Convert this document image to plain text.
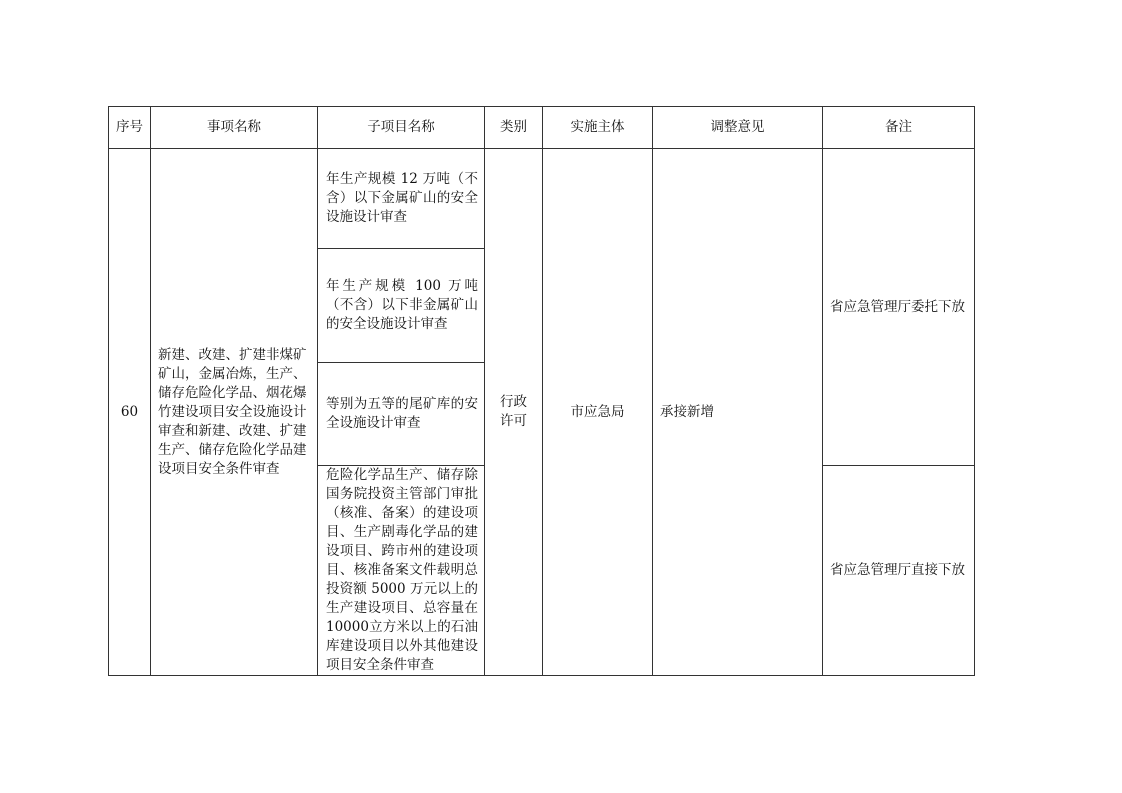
序号	事项名称	子项目名称	类别	实施主体	调整意见	备注
60	新建、改建、扩建非煤矿矿山，金属冶炼，生产、储存危险化学品、烟花爆竹建设项目安全设施设计审查和新建、改建、扩建生产、储存危险化学品建设项目安全条件审查	年生产规模 12 万吨（不含）以下金属矿山的安全设施设计审查	行政许可	市应急局	承接新增	省应急管理厅委托下放
		年生产规模 100 万吨（不含）以下非金属矿山的安全设施设计审查				
		等别为五等的尾矿库的安全设施设计审查				
		危险化学品生产、储存除国务院投资主管部门审批（核准、备案）的建设项目、生产剧毒化学品的建设项目、跨市州的建设项目、核准备案文件载明总投资额 5000 万元以上的生产建设项目、总容量在10000立方米以上的石油库建设项目以外其他建设项目安全条件审查				省应急管理厅直接下放
